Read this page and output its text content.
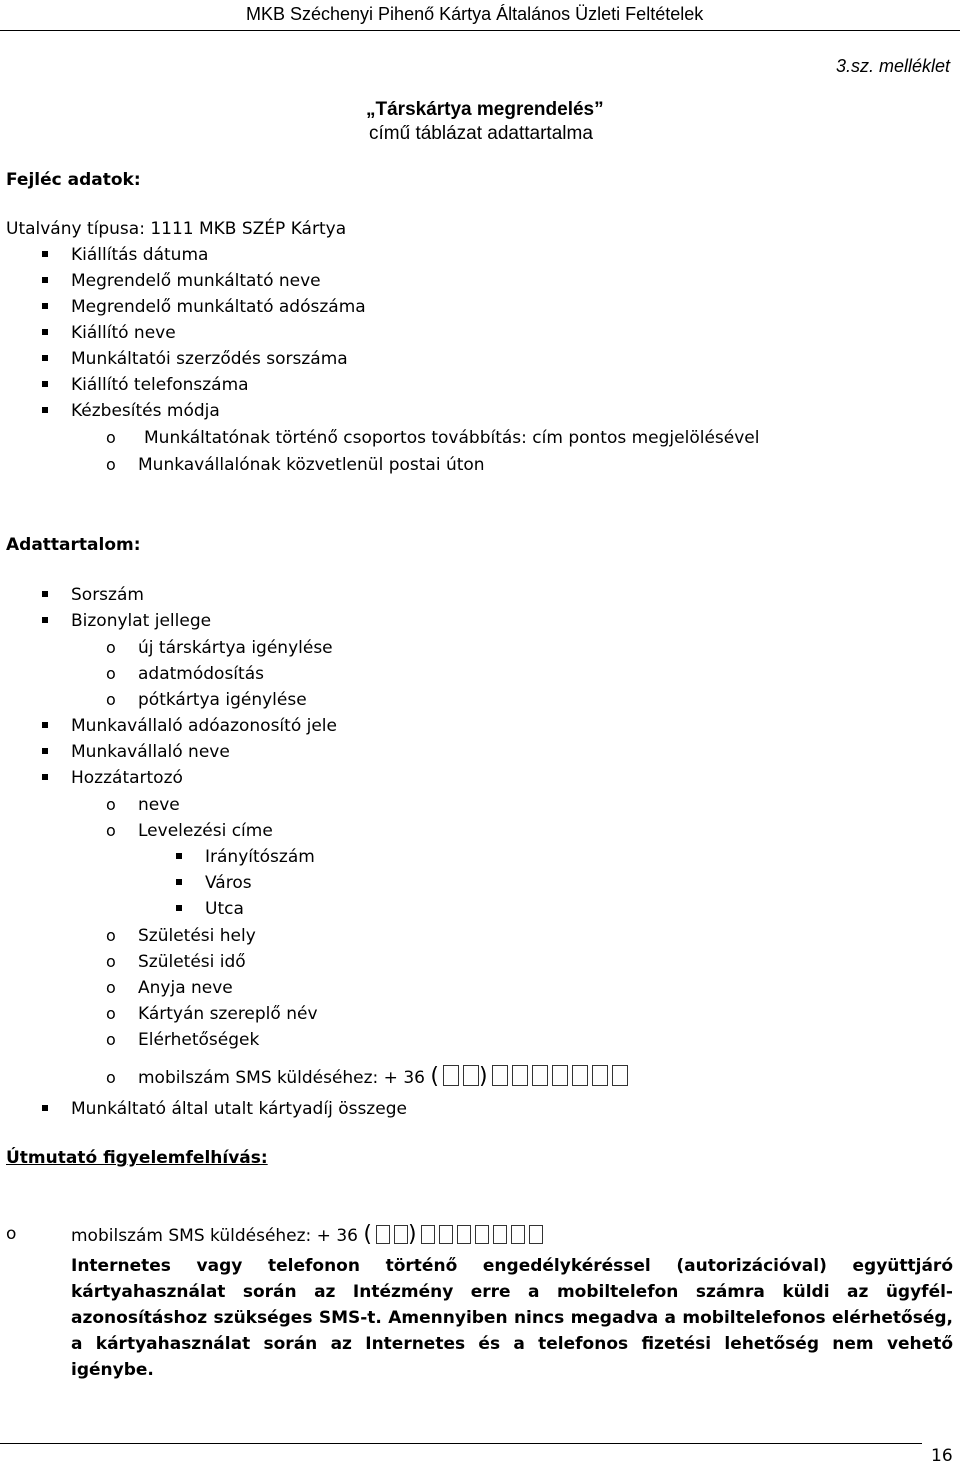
MKB Széchenyi Pihenő Kártya Általános Üzleti Feltételek
3.sz. melléklet
„Társkártya megrendelés”
című táblázat adattartalma
Fejléc adatok:
Utalvány típusa: 1111 MKB SZÉP Kártya
Kiállítás dátuma
Megrendelő munkáltató neve
Megrendelő munkáltató adószáma
Kiállító neve
Munkáltatói szerződés sorszáma
Kiállító telefonszáma
Kézbesítés módja
o Munkáltatónak történő csoportos továbbítás: cím pontos megjelölésével
o Munkavállalónak közvetlenül postai úton
Adattartalom:
Sorszám
Bizonylat jellege
o új társkártya igénylése
o adatmódosítás
o pótkártya igénylése
Munkavállaló adóazonosító jele
Munkavállaló neve
Hozzátartozó
o neve
o Levelezési címe
Irányítószám
Város
Utca
o Születési hely
o Születési idő
o Anyja neve
o Kártyán szereplő név
o Elérhetőségek
o mobilszám SMS küldéséhez: + 36 ( )
Munkáltató által utalt kártyadíj összege
Útmutató figyelemfelhívás:
o	mobilszám SMS küldéséhez: + 36 ( )
Internetes vagy telefonon történő engedélykéréssel (autorizációval) együttjáró kártyahasználat során az Intézmény erre a mobiltelefon számra küldi az ügyfél-azonosításhoz szükséges SMS-t. Amennyiben nincs megadva a mobiltelefonos elérhetőség, a kártyahasználat során az Internetes és a telefonos fizetési lehetőség nem vehető igénybe.
16
